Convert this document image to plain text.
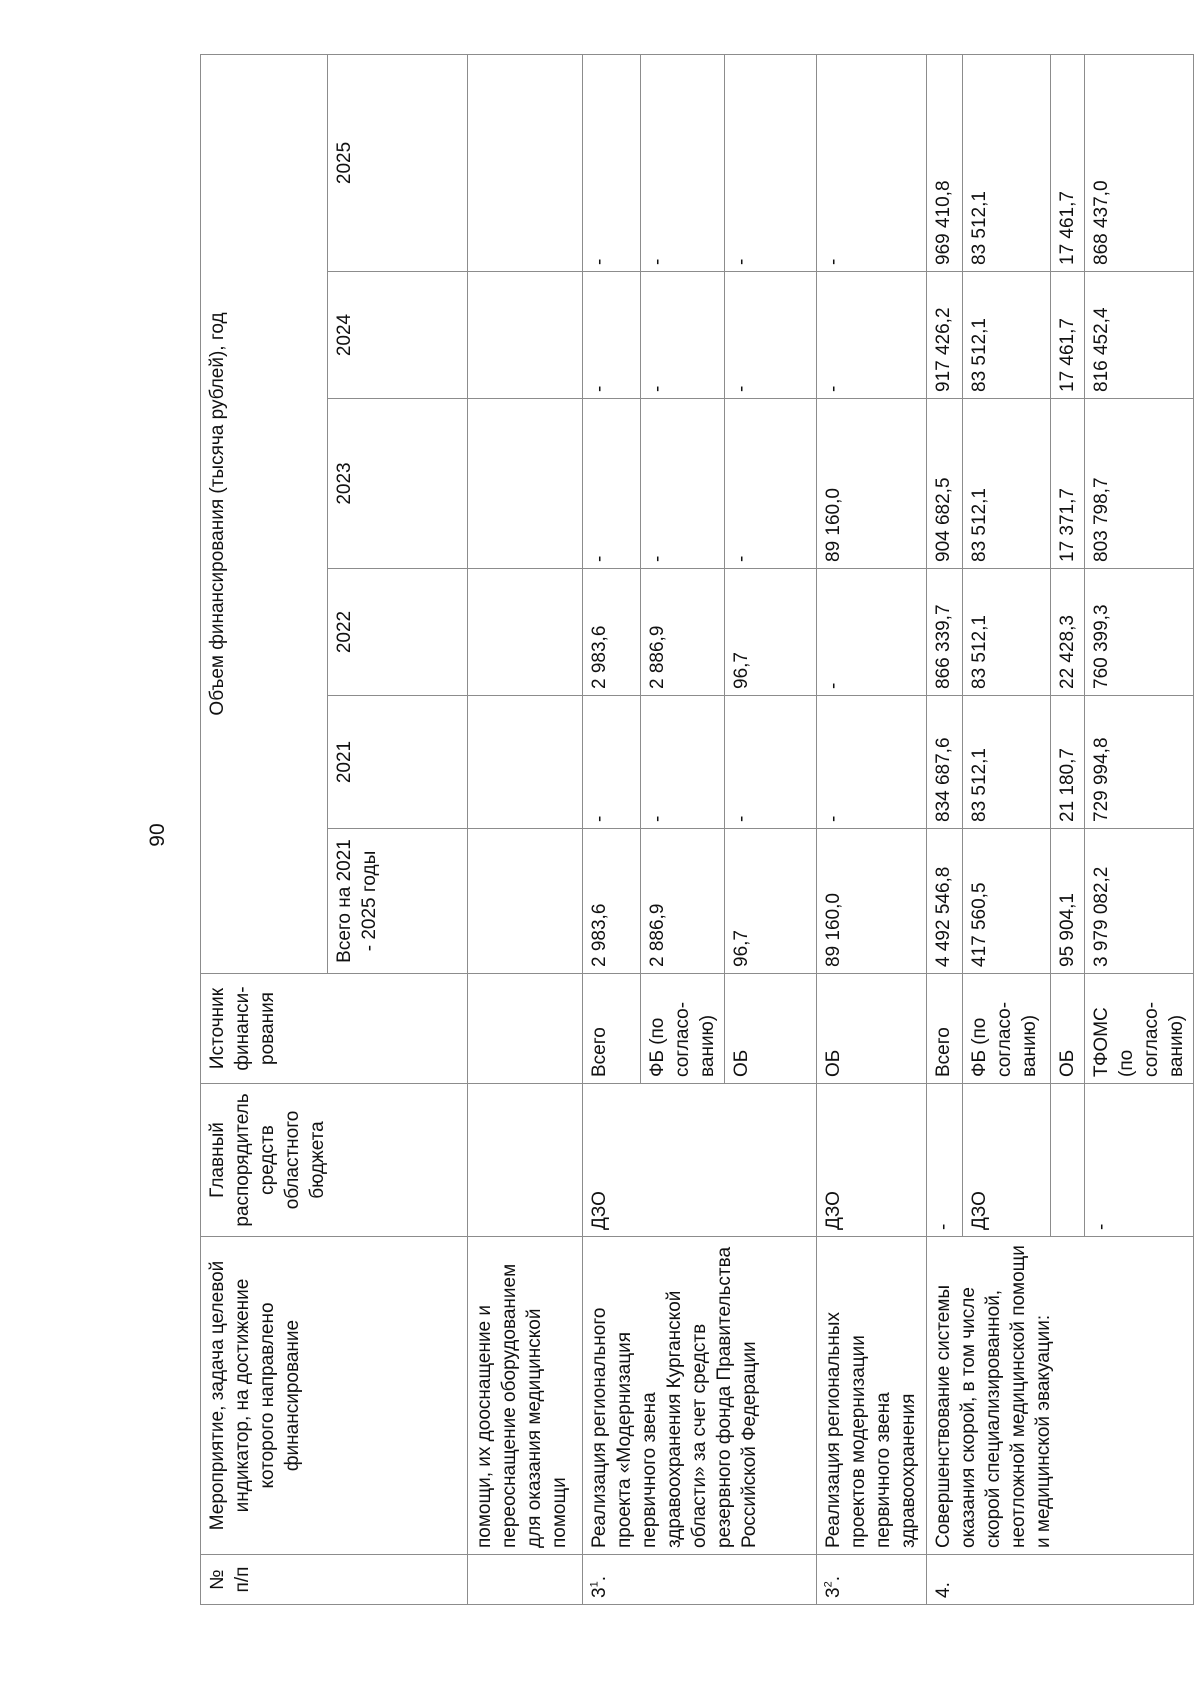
90
№ п/п	Мероприятие, задача целевой индикатор, на достижение которого направлено финансирование	Главный распорядитель средств областного бюджета	Источник финанси-рования	Объем финансирования (тысяча рублей), год					
				Всего на 2021 - 2025 годы	2021	2022	2023	2024	2025
	помощи, их дооснащение и переоснащение оборудованием для оказания медицинской помощи								
$3^1$.	Реализация регионального проекта «Модернизация первичного звена здравоохранения Курганской области» за счет средств резервного фонда Правительства Российской Федерации	ДЗО	Всего	2 983,6	-	2 983,6	-	-	-
			ФБ (по согласо-ванию)	2 886,9	-	2 886,9	-	-	-
			ОБ	96,7	-	96,7	-	-	-
$3^2$.	Реализация региональных проектов модернизации первичного звена здравоохранения	ДЗО	ОБ	89 160,0	-	-	89 160,0	-	-
4.	Совершенствование системы оказания скорой, в том числе скорой специализированной, неотложной медицинской помощи и медицинской эвакуации:	-	Всего	4 492 546,8	834 687,6	866 339,7	904 682,5	917 426,2	969 410,8
		ДЗО	ФБ (по согласо-ванию)	417 560,5	83 512,1	83 512,1	83 512,1	83 512,1	83 512,1
			ОБ	95 904,1	21 180,7	22 428,3	17 371,7	17 461,7	17 461,7
		-	ТФОМС (по согласо-ванию)	3 979 082,2	729 994,8	760 399,3	803 798,7	816 452,4	868 437,0
